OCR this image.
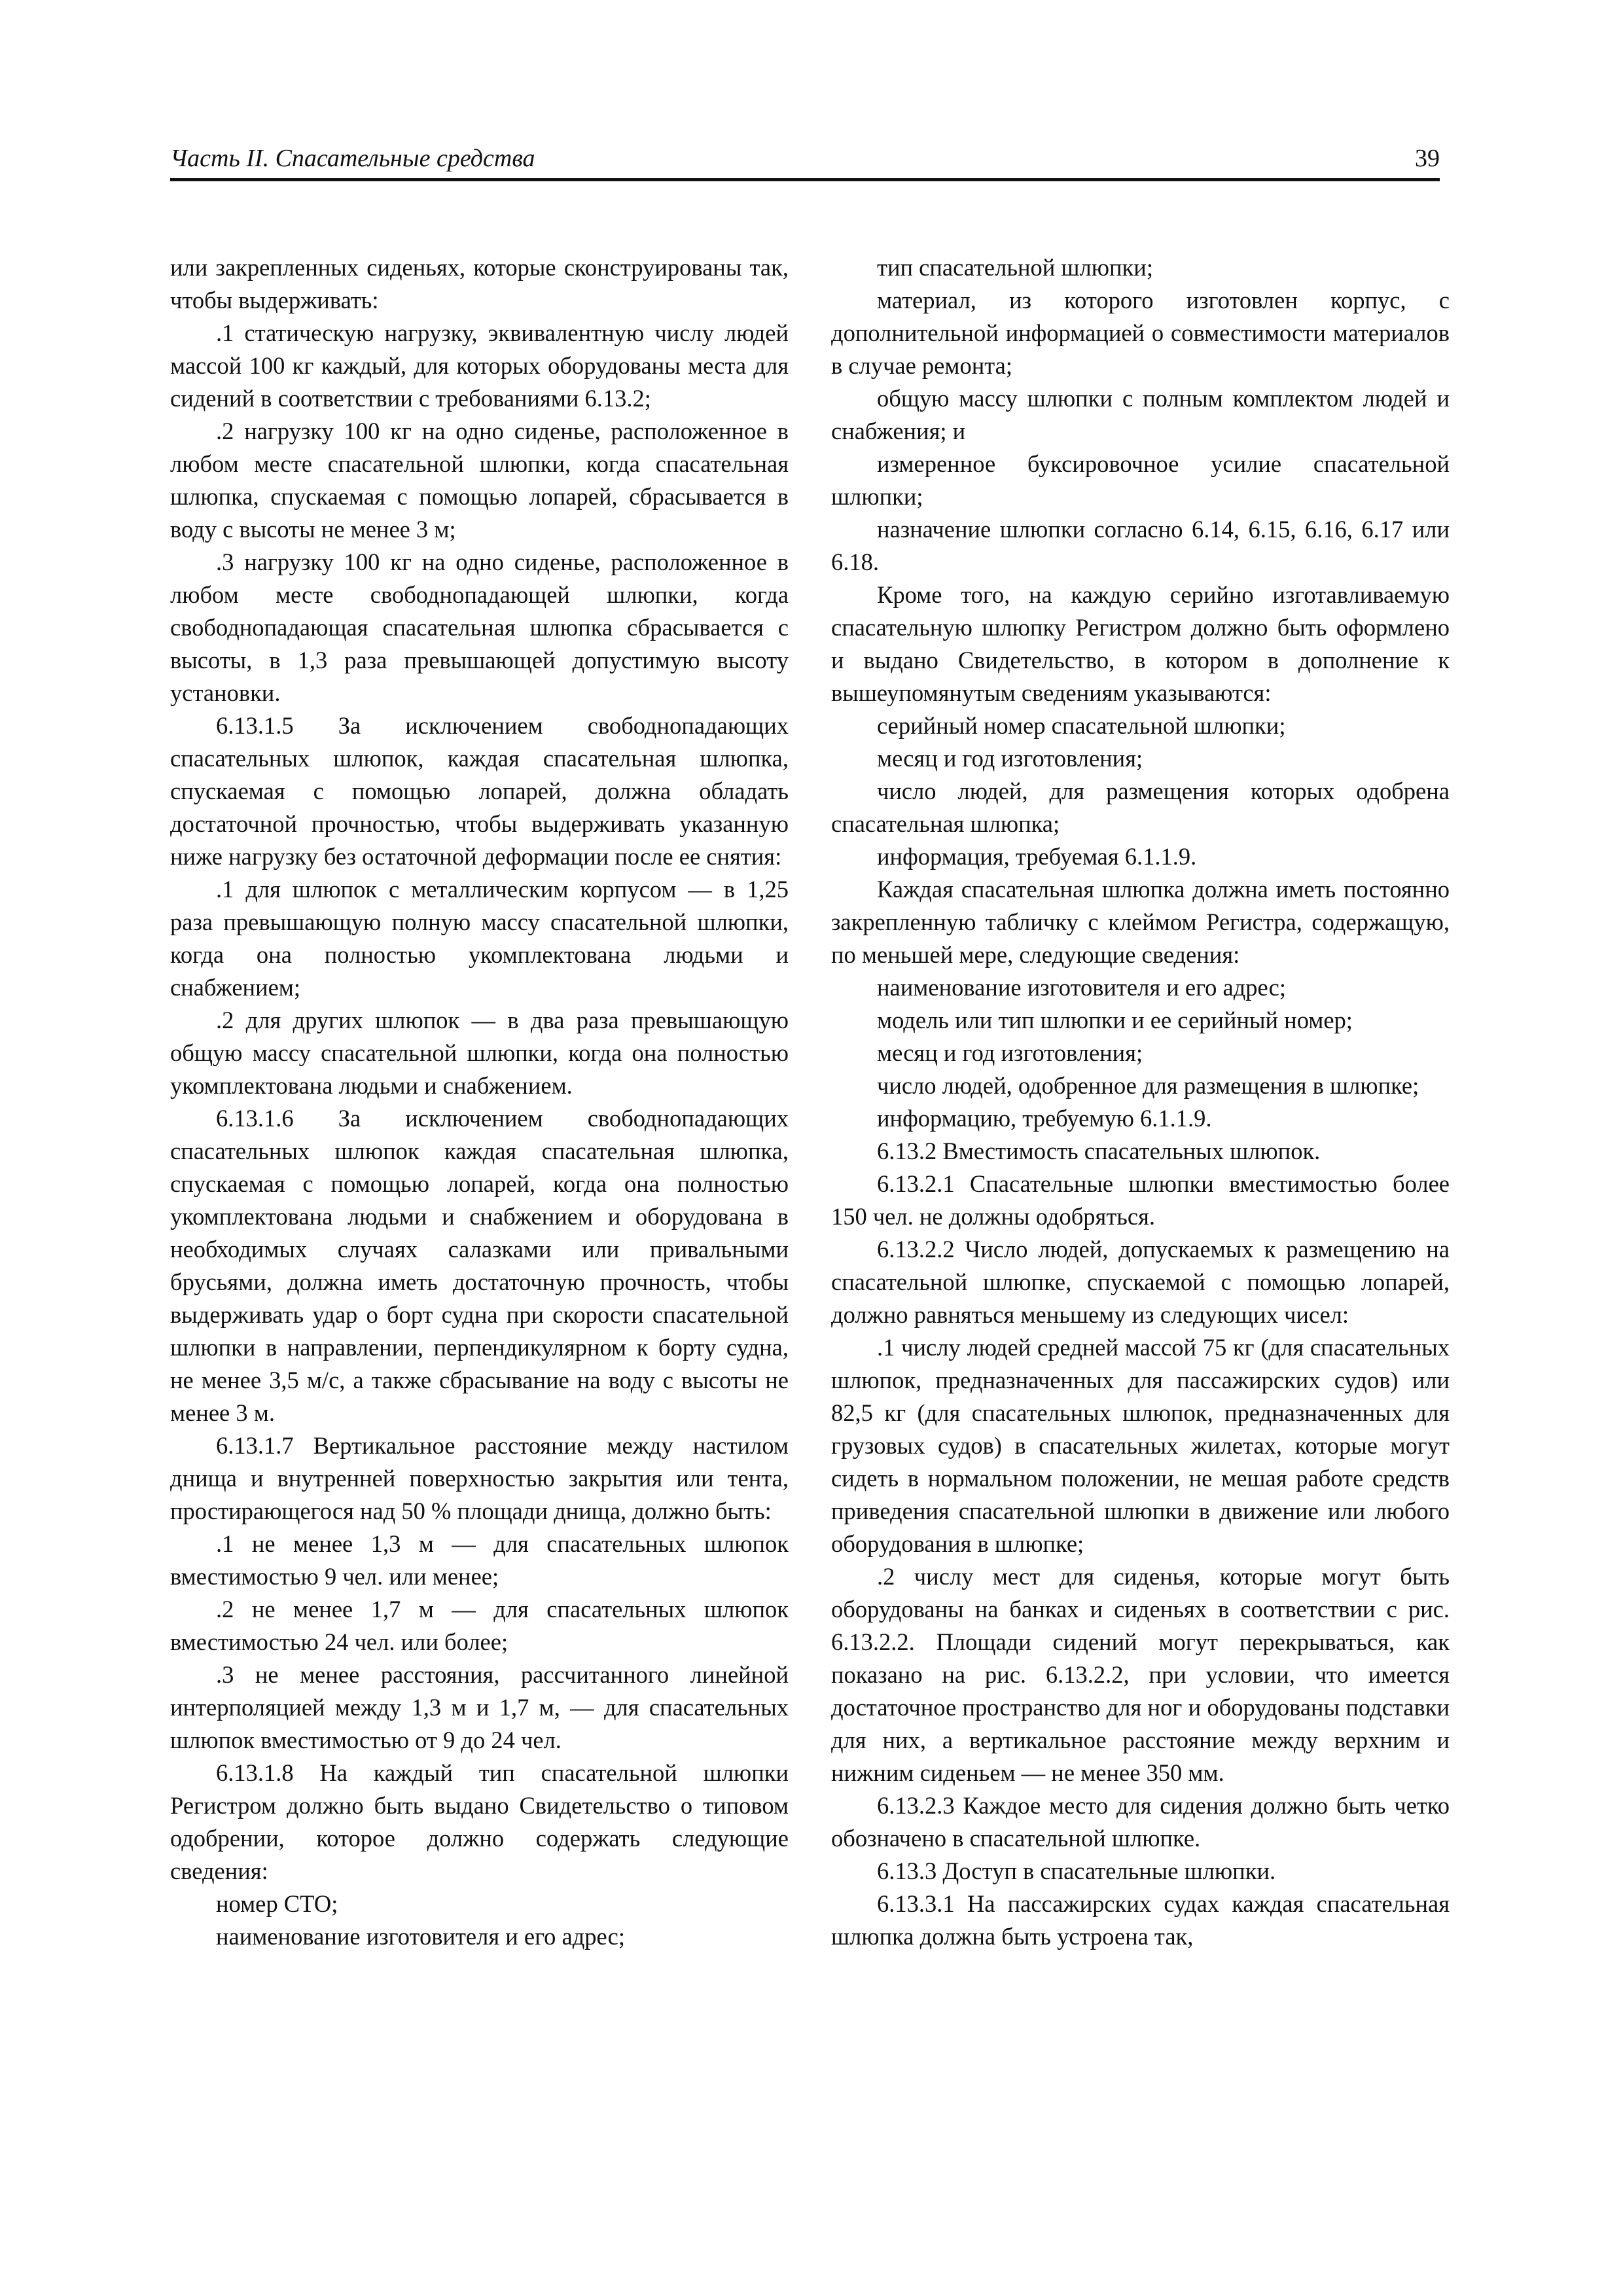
Часть II. Спасательные средства	39

или закрепленных сиденьях, которые сконструированы так, чтобы выдерживать:

.1 статическую нагрузку, эквивалентную числу людей массой 100 кг каждый, для которых оборудованы места для сидений в соответствии с требованиями 6.13.2;

.2 нагрузку 100 кг на одно сиденье, расположенное в любом месте спасательной шлюпки, когда спасательная шлюпка, спускаемая с помощью лопарей, сбрасывается в воду с высоты не менее 3 м;

.3 нагрузку 100 кг на одно сиденье, расположенное в любом месте свободнопадающей шлюпки, когда свободнопадающая спасательная шлюпка сбрасывается с высоты, в 1,3 раза превышающей допустимую высоту установки.

6.13.1.5 За исключением свободнопадающих спасательных шлюпок, каждая спасательная шлюпка, спускаемая с помощью лопарей, должна обладать достаточной прочностью, чтобы выдерживать указанную ниже нагрузку без остаточной деформации после ее снятия:

.1 для шлюпок с металлическим корпусом — в 1,25 раза превышающую полную массу спасательной шлюпки, когда она полностью укомплектована людьми и снабжением;

.2 для других шлюпок — в два раза превышающую общую массу спасательной шлюпки, когда она полностью укомплектована людьми и снабжением.

6.13.1.6 За исключением свободнопадающих спасательных шлюпок каждая спасательная шлюпка, спускаемая с помощью лопарей, когда она полностью укомплектована людьми и снабжением и оборудована в необходимых случаях салазками или привальными брусьями, должна иметь достаточную прочность, чтобы выдерживать удар о борт судна при скорости спасательной шлюпки в направлении, перпендикулярном к борту судна, не менее 3,5 м/с, а также сбрасывание на воду с высоты не менее 3 м.

6.13.1.7 Вертикальное расстояние между настилом днища и внутренней поверхностью закрытия или тента, простирающегося над 50 % площади днища, должно быть:

.1 не менее 1,3 м — для спасательных шлюпок вместимостью 9 чел. или менее;

.2 не менее 1,7 м — для спасательных шлюпок вместимостью 24 чел. или более;

.3 не менее расстояния, рассчитанного линейной интерполяцией между 1,3 м и 1,7 м, — для спасательных шлюпок вместимостью от 9 до 24 чел.

6.13.1.8 На каждый тип спасательной шлюпки Регистром должно быть выдано Свидетельство о типовом одобрении, которое должно содержать следующие сведения:

номер СТО;

наименование изготовителя и его адрес;

тип спасательной шлюпки;

материал, из которого изготовлен корпус, с дополнительной информацией о совместимости материалов в случае ремонта;

общую массу шлюпки с полным комплектом людей и снабжения; и

измеренное буксировочное усилие спасательной шлюпки;

назначение шлюпки согласно 6.14, 6.15, 6.16, 6.17 или 6.18.

Кроме того, на каждую серийно изготавливаемую спасательную шлюпку Регистром должно быть оформлено и выдано Свидетельство, в котором в дополнение к вышеупомянутым сведениям указываются:

серийный номер спасательной шлюпки;

месяц и год изготовления;

число людей, для размещения которых одобрена спасательная шлюпка;

информация, требуемая 6.1.1.9.

Каждая спасательная шлюпка должна иметь постоянно закрепленную табличку с клеймом Регистра, содержащую, по меньшей мере, следующие сведения:

наименование изготовителя и его адрес;

модель или тип шлюпки и ее серийный номер;

месяц и год изготовления;

число людей, одобренное для размещения в шлюпке;

информацию, требуемую 6.1.1.9.

6.13.2 Вместимость спасательных шлюпок.

6.13.2.1 Спасательные шлюпки вместимостью более 150 чел. не должны одобряться.

6.13.2.2 Число людей, допускаемых к размещению на спасательной шлюпке, спускаемой с помощью лопарей, должно равняться меньшему из следующих чисел:

.1 числу людей средней массой 75 кг (для спасательных шлюпок, предназначенных для пассажирских судов) или 82,5 кг (для спасательных шлюпок, предназначенных для грузовых судов) в спасательных жилетах, которые могут сидеть в нормальном положении, не мешая работе средств приведения спасательной шлюпки в движение или любого оборудования в шлюпке;

.2 числу мест для сиденья, которые могут быть оборудованы на банках и сиденьях в соответствии с рис. 6.13.2.2. Площади сидений могут перекрываться, как показано на рис. 6.13.2.2, при условии, что имеется достаточное пространство для ног и оборудованы подставки для них, а вертикальное расстояние между верхним и нижним сиденьем — не менее 350 мм.

6.13.2.3 Каждое место для сидения должно быть четко обозначено в спасательной шлюпке.

6.13.3 Доступ в спасательные шлюпки.

6.13.3.1 На пассажирских судах каждая спасательная шлюпка должна быть устроена так,
